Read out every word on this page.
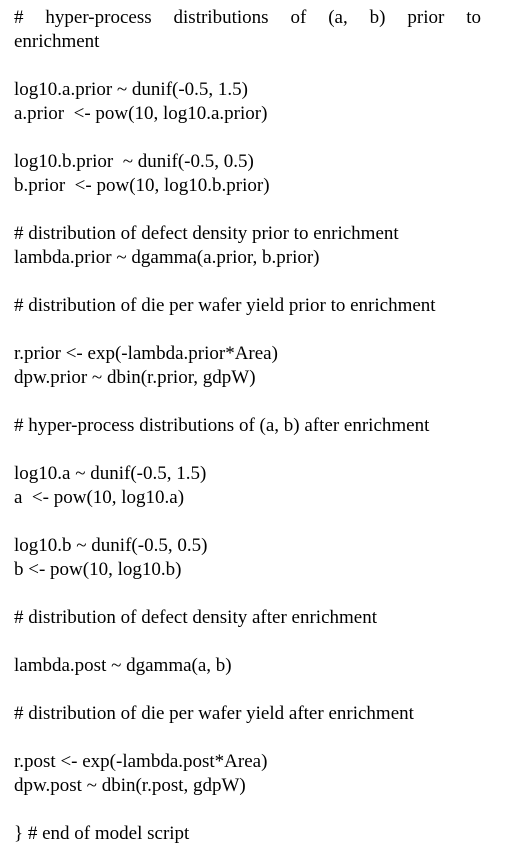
# hyper-process distributions of (a, b) prior to
enrichment
log10.a.prior ~ dunif(-0.5, 1.5)
a.prior  <- pow(10, log10.a.prior)
log10.b.prior  ~ dunif(-0.5, 0.5)
b.prior  <- pow(10, log10.b.prior)
# distribution of defect density prior to enrichment
lambda.prior ~ dgamma(a.prior, b.prior)
# distribution of die per wafer yield prior to enrichment
r.prior <- exp(-lambda.prior*Area)
dpw.prior ~ dbin(r.prior, gdpW)
# hyper-process distributions of (a, b) after enrichment
log10.a ~ dunif(-0.5, 1.5)
a  <- pow(10, log10.a)
log10.b ~ dunif(-0.5, 0.5)
b <- pow(10, log10.b)
# distribution of defect density after enrichment
lambda.post ~ dgamma(a, b)
# distribution of die per wafer yield after enrichment
r.post <- exp(-lambda.post*Area)
dpw.post ~ dbin(r.post, gdpW)
} # end of model script
